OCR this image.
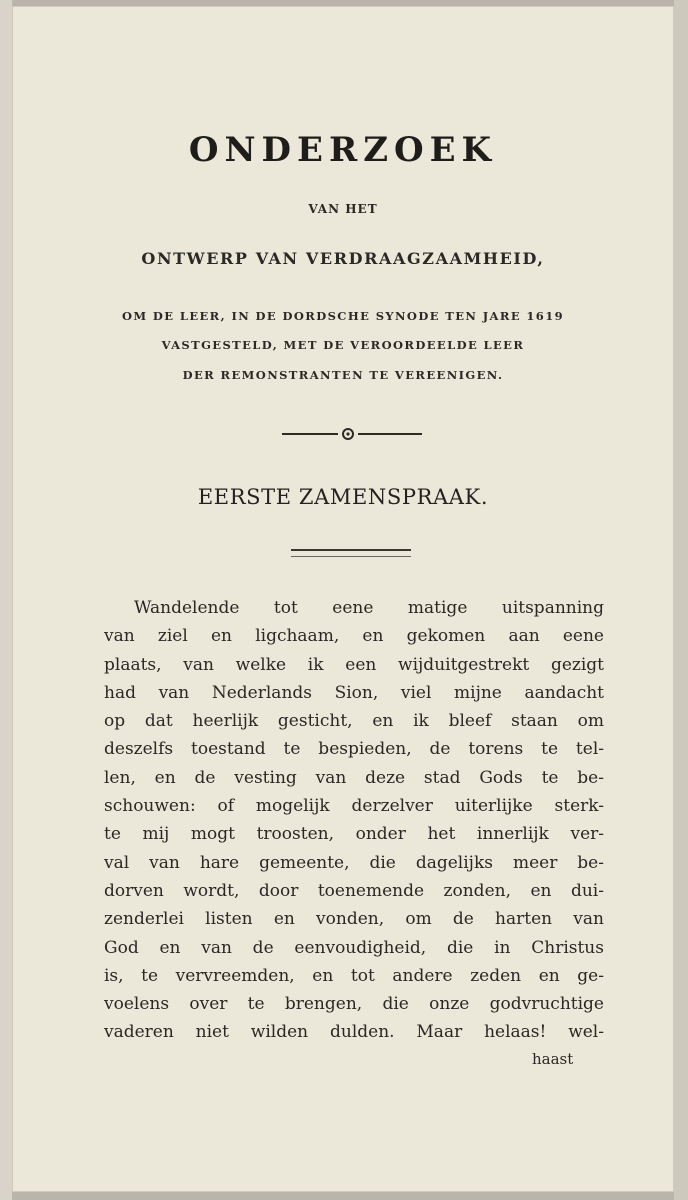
ONDERZOEK
VAN HET
ONTWERP VAN VERDRAAGZAAMHEID,
OM DE LEER, IN DE DORDSCHE SYNODE TEN JARE 1619
VASTGESTELD, MET DE VEROORDEELDE LEER
DER REMONSTRANTEN TE VEREENIGEN.
EERSTE ZAMENSPRAAK.
Wandelende tot eene matige uitspanning
van ziel en ligchaam, en gekomen aan eene
plaats, van welke ik een wijduitgestrekt gezigt
had van Nederlands Sion, viel mijne aandacht
op dat heerlijk gesticht, en ik bleef staan om
deszelfs toestand te bespieden, de torens te tel-
len, en de vesting van deze stad Gods te be-
schouwen: of mogelijk derzelver uiterlijke sterk-
te mij mogt troosten, onder het innerlijk ver-
val van hare gemeente, die dagelijks meer be-
dorven wordt, door toenemende zonden, en dui-
zenderlei listen en vonden, om de harten van
God en van de eenvoudigheid, die in Christus
is, te vervreemden, en tot andere zeden en ge-
voelens over te brengen, die onze godvruchtige
vaderen niet wilden dulden. Maar helaas! wel-
haast
